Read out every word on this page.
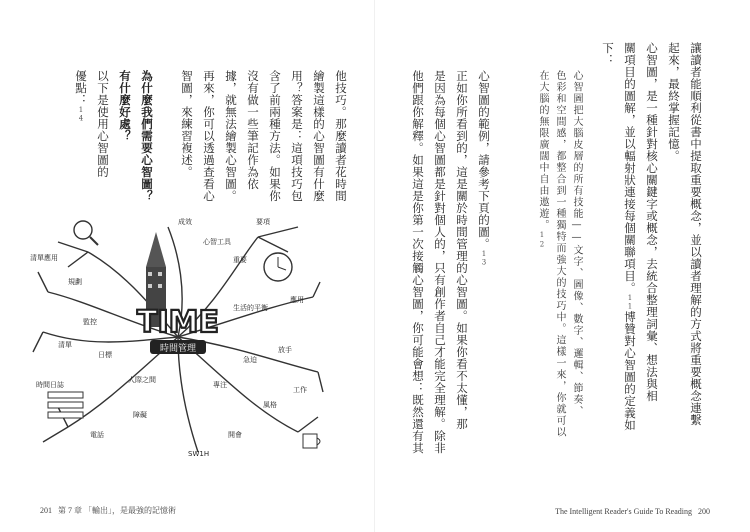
他技巧。那麼讀者花時間
繪製這樣的心智圖有什麼
用？答案是：這項技巧包
含了前兩種方法。如果你
沒有做一些筆記作為依
據，就無法繪製心智圖。
再來，你可以透過查看心
智圖，來練習複述。
為什麼我們需要心智圖？
有什麼好處？
以下是使用心智圖的
優點：14
TIME
時間管理
成效
心智工具
清單應用
要項
重要
應用
生活的平衡
規劃
監控
清單
人際之間
放手
急迫
時間日誌
日標
專注
風格
障礙
SW1H
電話	開會
工作
201 第 7 章 「輸出」，是最強的記憶術
讓讀者能順利從書中提取重要概念，並以讀者理解的方式將重要概念連繫
起來，最終掌握記憶。
心智圖，是一種針對核心關鍵字或概念，去統合整理詞彙、想法與相
關項目的圖解，並以輻射狀連接每個關聯項目。11博贊對心智圖的定義如
下：
心智圖把大腦皮層的所有技能——文字、圖像、數字、邏輯、節奏、
色彩和空間感，都整合到一種獨特而強大的技巧中。這樣一來，你就可以
在大腦的無限廣闊中自由遨遊。12
心智圖的範例，請參考下頁的圖。13
正如你所看到的，這是關於時間管理的心智圖。如果你看不太懂，那
是因為每個心智圖都是針對個人的，只有創作者自己才能完全理解。除非
他們跟你解釋。如果這是你第一次接觸心智圖，你可能會想：既然還有其
The Intelligent Reader's Guide To Reading 200
